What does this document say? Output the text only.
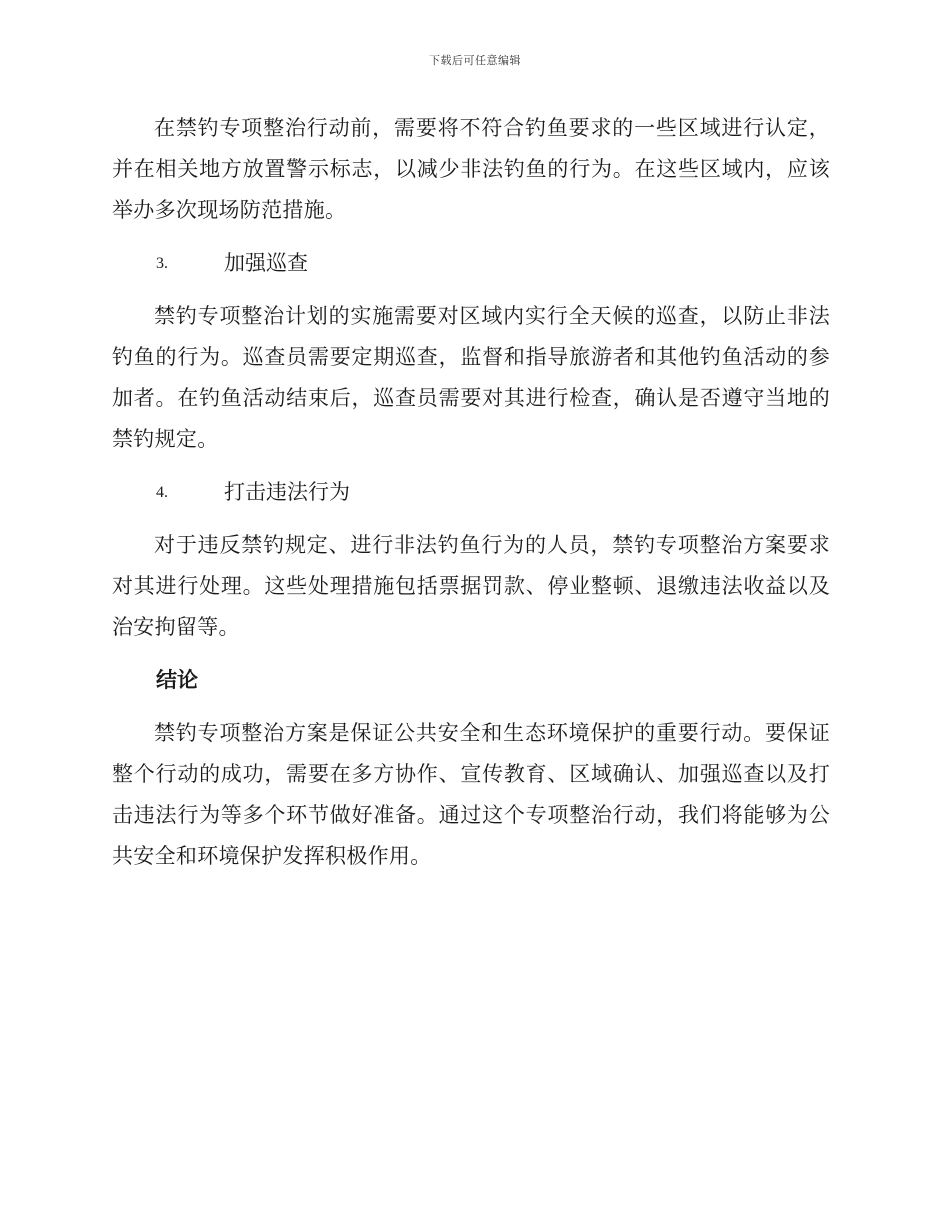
下载后可任意编辑

在禁钓专项整治行动前，需要将不符合钓鱼要求的一些区域进行认定，并在相关地方放置警示标志，以减少非法钓鱼的行为。在这些区域内，应该举办多次现场防范措施。

3.	加强巡查

禁钓专项整治计划的实施需要对区域内实行全天候的巡查，以防止非法钓鱼的行为。巡查员需要定期巡查，监督和指导旅游者和其他钓鱼活动的参加者。在钓鱼活动结束后，巡查员需要对其进行检查，确认是否遵守当地的禁钓规定。

4.	打击违法行为

对于违反禁钓规定、进行非法钓鱼行为的人员，禁钓专项整治方案要求对其进行处理。这些处理措施包括票据罚款、停业整顿、退缴违法收益以及治安拘留等。

结论

禁钓专项整治方案是保证公共安全和生态环境保护的重要行动。要保证整个行动的成功，需要在多方协作、宣传教育、区域确认、加强巡查以及打击违法行为等多个环节做好准备。通过这个专项整治行动，我们将能够为公共安全和环境保护发挥积极作用。
